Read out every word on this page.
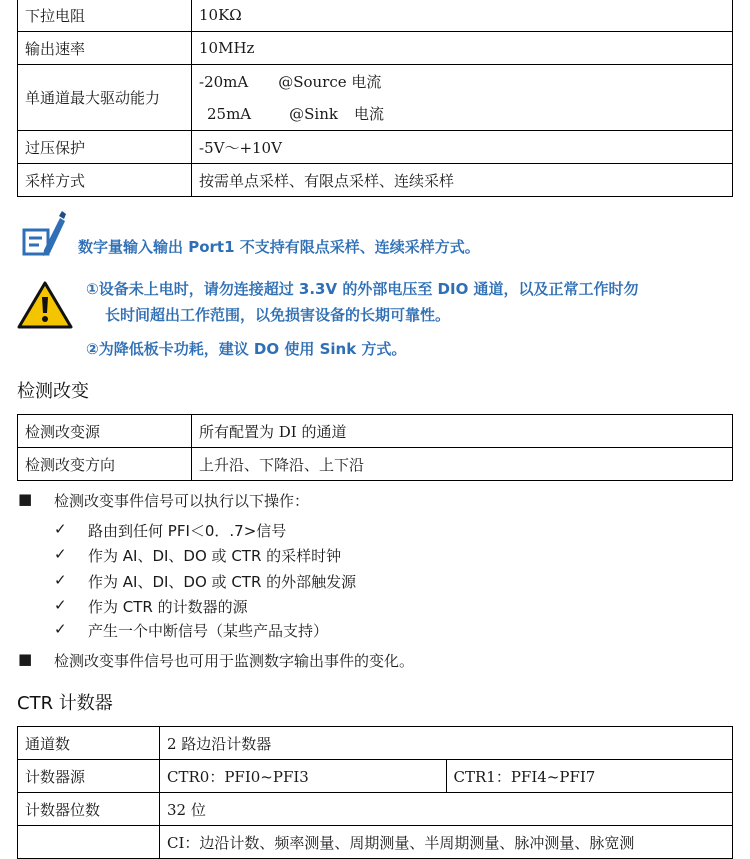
下拉电阻	10KΩ
输出速率	10MHz
单通道最大驱动能力	-20mA @Source 电流
25mA @Sink 电流

过压保护	-5V～+10V
采样方式	按需单点采样、有限点采样、连续采样
数字量输入输出 Port1 不支持有限点采样、连续采样方式。
①设备未上电时，请勿连接超过 3.3V 的外部电压至 DIO 通道，以及正常工作时勿
长时间超出工作范围，以免损害设备的长期可靠性。
②为降低板卡功耗，建议 DO 使用 Sink 方式。
检测改变
检测改变源	所有配置为 DI 的通道
检测改变方向	上升沿、下降沿、上下沿
■ 检测改变事件信号可以执行以下操作：
✓ 路由到任何 PFI＜0．.7>信号
✓ 作为 AI、DI、DO 或 CTR 的采样时钟
✓ 作为 AI、DI、DO 或 CTR 的外部触发源
✓ 作为 CTR 的计数器的源
✓ 产生一个中断信号（某些产品支持）
■ 检测改变事件信号也可用于监测数字输出事件的变化。
CTR 计数器
通道数	2 路边沿计数器	
计数器源	CTR0：PFI0~PFI3	CTR1：PFI4~PFI7
计数器位数	32 位	
	CI：边沿计数、频率测量、周期测量、半周期测量、脉冲测量、脉宽测	
